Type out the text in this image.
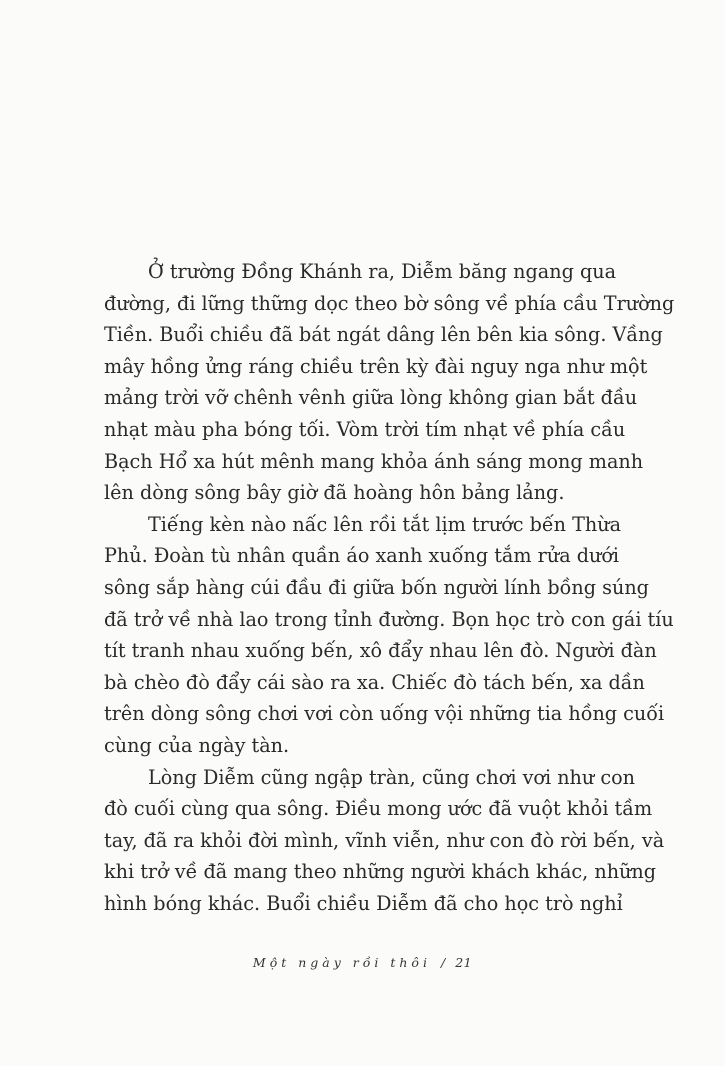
Ở trường Đồng Khánh ra, Diễm băng ngang qua
đường, đi lững thững dọc theo bờ sông về phía cầu Trường
Tiền. Buổi chiều đã bát ngát dâng lên bên kia sông. Vầng
mây hồng ửng ráng chiều trên kỳ đài nguy nga như một
mảng trời vỡ chênh vênh giữa lòng không gian bắt đầu
nhạt màu pha bóng tối. Vòm trời tím nhạt về phía cầu
Bạch Hổ xa hút mênh mang khỏa ánh sáng mong manh
lên dòng sông bây giờ đã hoàng hôn bảng lảng.

Tiếng kèn nào nấc lên rồi tắt lịm trước bến Thừa
Phủ. Đoàn tù nhân quần áo xanh xuống tắm rửa dưới
sông sắp hàng cúi đầu đi giữa bốn người lính bồng súng
đã trở về nhà lao trong tỉnh đường. Bọn học trò con gái tíu
tít tranh nhau xuống bến, xô đẩy nhau lên đò. Người đàn
bà chèo đò đẩy cái sào ra xa. Chiếc đò tách bến, xa dần
trên dòng sông chơi vơi còn uống vội những tia hồng cuối
cùng của ngày tàn.

Lòng Diễm cũng ngập tràn, cũng chơi vơi như con
đò cuối cùng qua sông. Điều mong ước đã vuột khỏi tầm
tay, đã ra khỏi đời mình, vĩnh viễn, như con đò rời bến, và
khi trở về đã mang theo những người khách khác, những
hình bóng khác. Buổi chiều Diễm đã cho học trò nghỉ

Một ngày rồi thôi / 21
